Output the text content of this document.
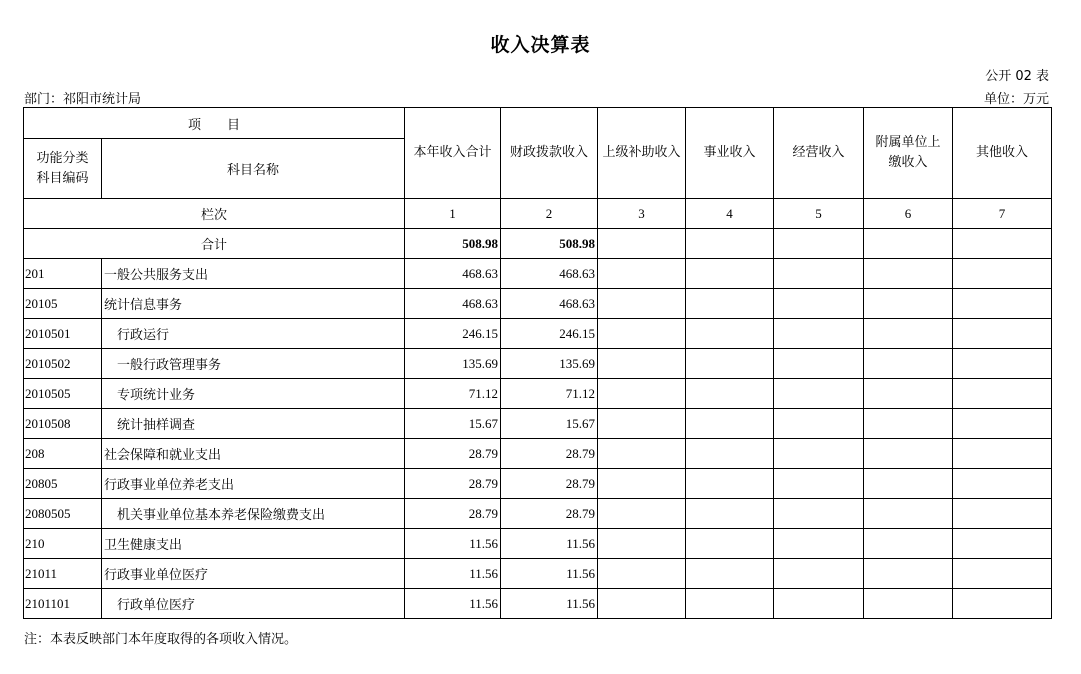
收入决算表
公开 02 表
部门：祁阳市统计局	单位：万元
项　　目		本年收入合计	财政拨款收入	上级补助收入	事业收入	经营收入	附属单位上缴收入	其他收入
功能分类科目编码	科目名称							
栏次		1	2	3	4	5	6	7
合计		508.98	508.98					
201	一般公共服务支出	468.63	468.63					
20105	统计信息事务	468.63	468.63					
2010501	行政运行	246.15	246.15					
2010502	一般行政管理事务	135.69	135.69					
2010505	专项统计业务	71.12	71.12					
2010508	统计抽样调查	15.67	15.67					
208	社会保障和就业支出	28.79	28.79					
20805	行政事业单位养老支出	28.79	28.79					
2080505	机关事业单位基本养老保险缴费支出	28.79	28.79					
210	卫生健康支出	11.56	11.56					
21011	行政事业单位医疗	11.56	11.56					
2101101	行政单位医疗	11.56	11.56					
注：本表反映部门本年度取得的各项收入情况。
